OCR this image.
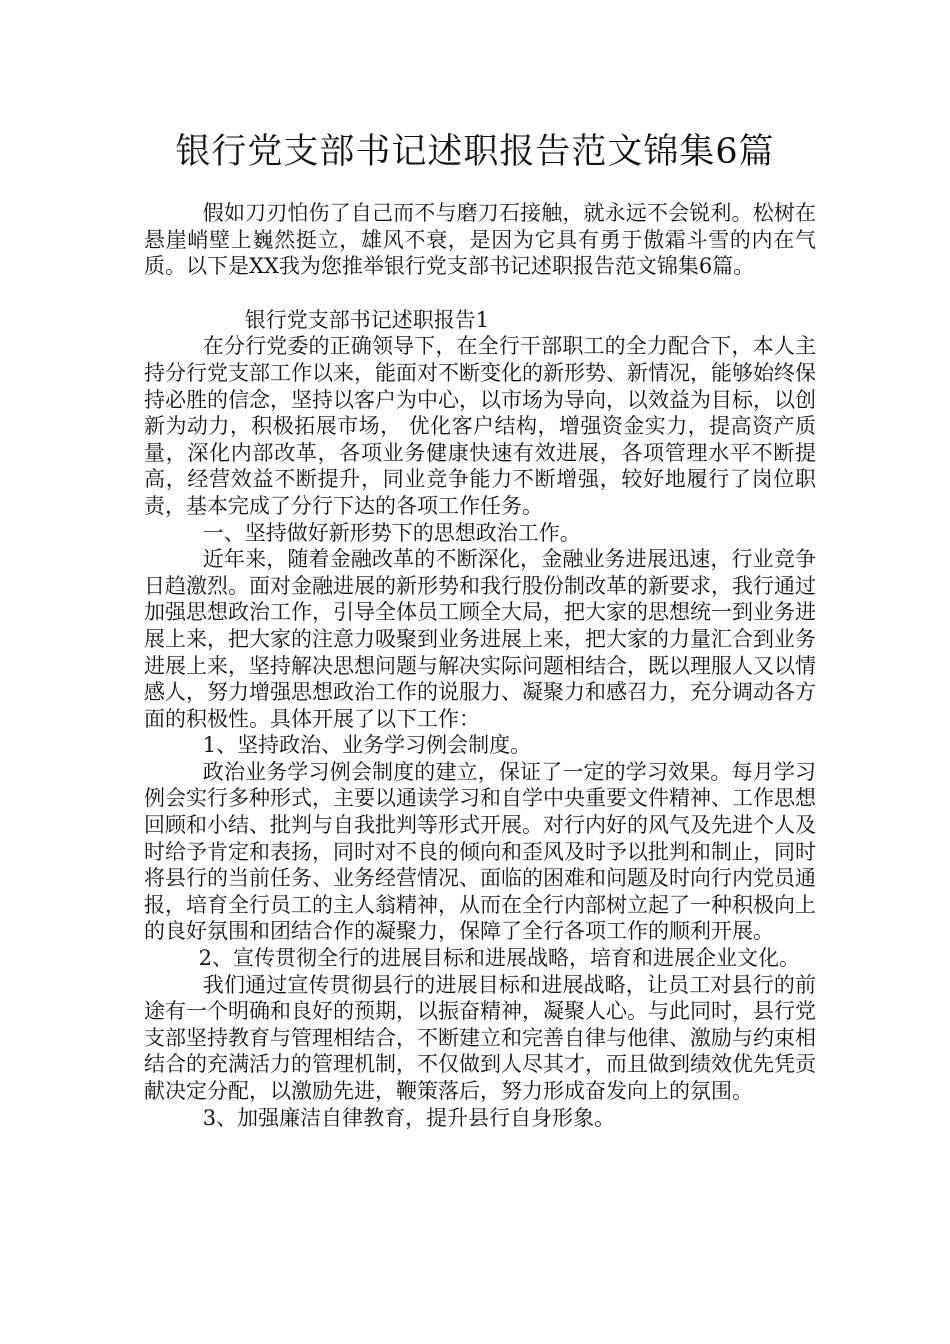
银行党支部书记述职报告范文锦集6篇

假如刀刃怕伤了自己而不与磨刀石接触，就永远不会锐利。松树在悬崖峭壁上巍然挺立，雄风不衰，是因为它具有勇于傲霜斗雪的内在气质。以下是XX我为您推举银行党支部书记述职报告范文锦集6篇。

银行党支部书记述职报告1

在分行党委的正确领导下，在全行干部职工的全力配合下，本人主持分行党支部工作以来，能面对不断变化的新形势、新情况，能够始终保持必胜的信念，坚持以客户为中心，以市场为导向，以效益为目标，以创新为动力，积极拓展市场， 优化客户结构，增强资金实力，提高资产质量，深化内部改革，各项业务健康快速有效进展，各项管理水平不断提高，经营效益不断提升，同业竞争能力不断增强，较好地履行了岗位职责，基本完成了分行下达的各项工作任务。

一、坚持做好新形势下的思想政治工作。

近年来，随着金融改革的不断深化，金融业务进展迅速，行业竞争日趋激烈。面对金融进展的新形势和我行股份制改革的新要求，我行通过加强思想政治工作，引导全体员工顾全大局，把大家的思想统一到业务进展上来，把大家的注意力吸聚到业务进展上来，把大家的力量汇合到业务进展上来，坚持解决思想问题与解决实际问题相结合，既以理服人又以情感人，努力增强思想政治工作的说服力、凝聚力和感召力，充分调动各方面的积极性。具体开展了以下工作：

1、坚持政治、业务学习例会制度。

政治业务学习例会制度的建立，保证了一定的学习效果。每月学习例会实行多种形式，主要以通读学习和自学中央重要文件精神、工作思想回顾和小结、批判与自我批判等形式开展。对行内好的风气及先进个人及时给予肯定和表扬，同时对不良的倾向和歪风及时予以批判和制止，同时将县行的当前任务、业务经营情况、面临的困难和问题及时向行内党员通报，培育全行员工的主人翁精神，从而在全行内部树立起了一种积极向上的良好氛围和团结合作的凝聚力，保障了全行各项工作的顺利开展。

2、宣传贯彻全行的进展目标和进展战略，培育和进展企业文化。

我们通过宣传贯彻县行的进展目标和进展战略，让员工对县行的前途有一个明确和良好的预期，以振奋精神，凝聚人心。与此同时，县行党支部坚持教育与管理相结合，不断建立和完善自律与他律、激励与约束相结合的充满活力的管理机制，不仅做到人尽其才，而且做到绩效优先凭贡献决定分配，以激励先进，鞭策落后，努力形成奋发向上的氛围。

3、加强廉洁自律教育，提升县行自身形象。
